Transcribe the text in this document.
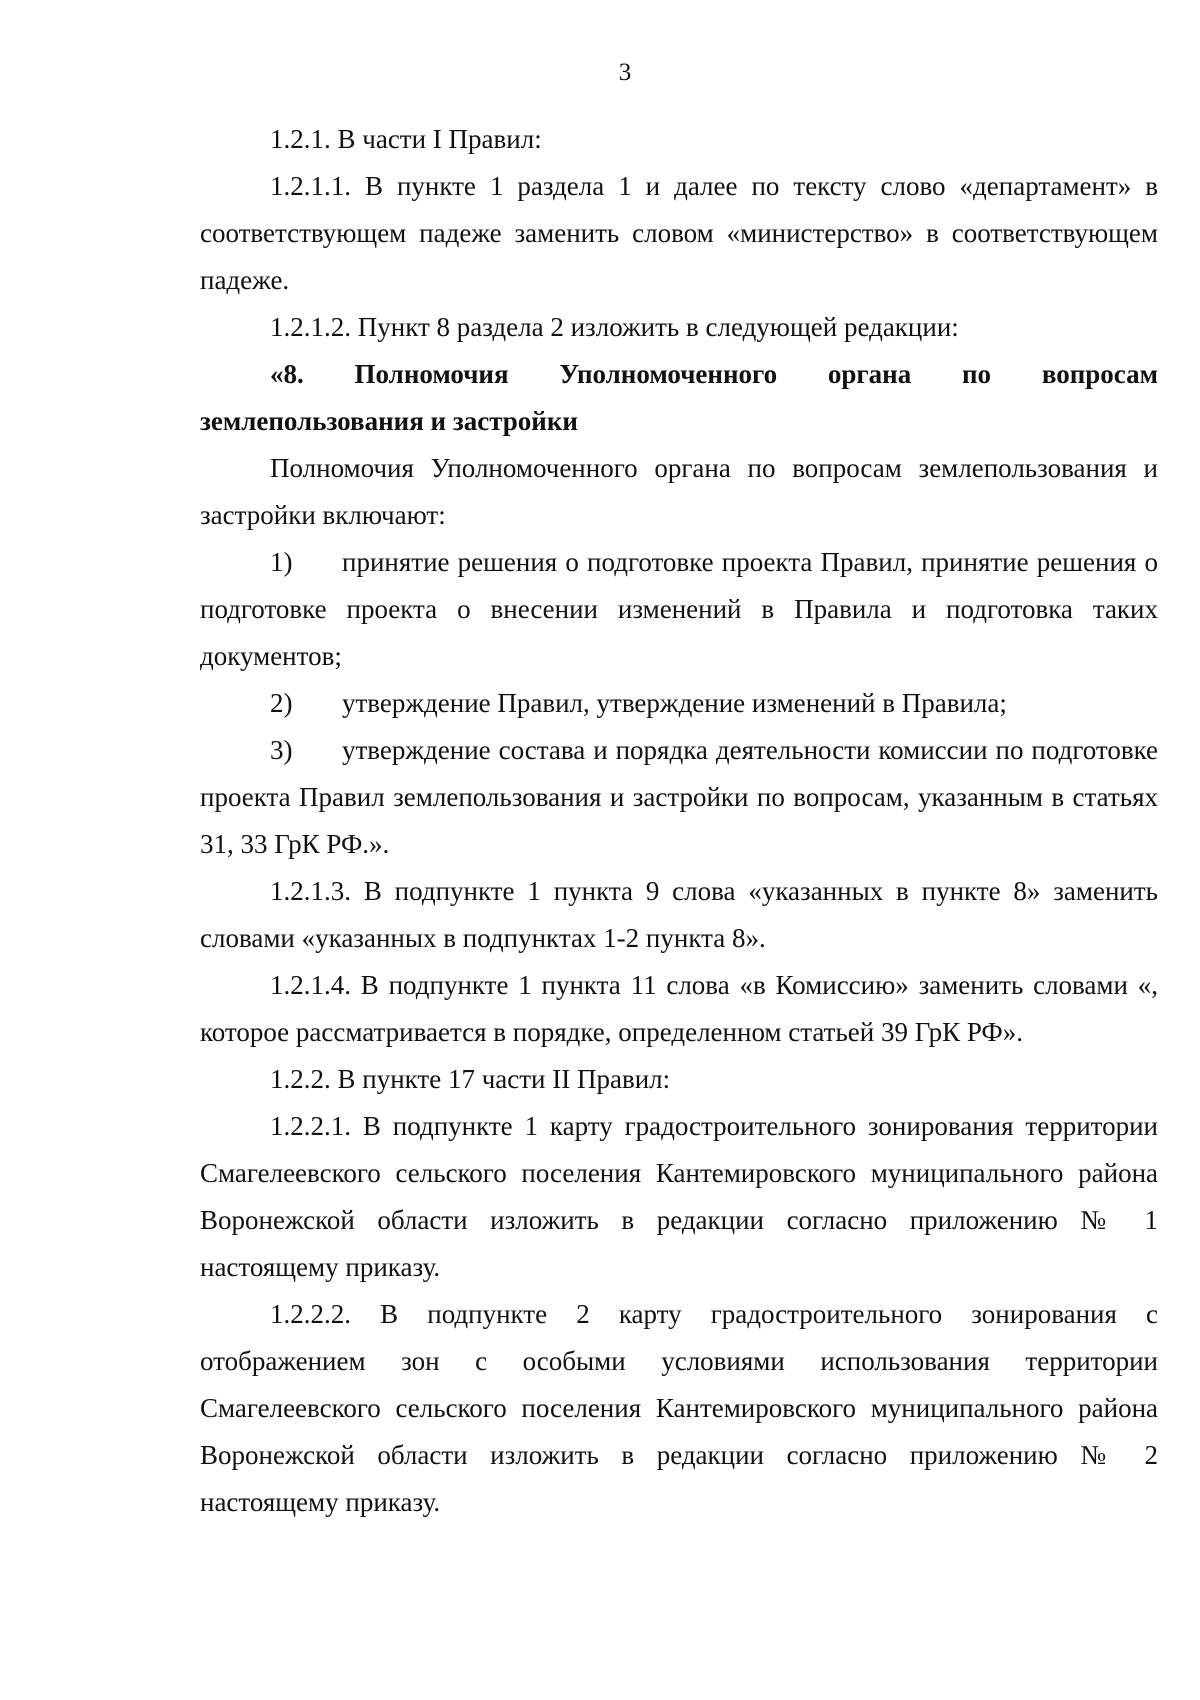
3

1.2.1. В части I Правил:

1.2.1.1. В пункте 1 раздела 1 и далее по тексту слово «департамент» в соответствующем падеже заменить словом «министерство» в соответствующем падеже.

1.2.1.2. Пункт 8 раздела 2 изложить в следующей редакции:

«8. Полномочия Уполномоченного органа по вопросам землепользования и застройки

Полномочия Уполномоченного органа по вопросам землепользования и застройки включают:

1) принятие решения о подготовке проекта Правил, принятие решения о подготовке проекта о внесении изменений в Правила и подготовка таких документов;

2) утверждение Правил, утверждение изменений в Правила;

3) утверждение состава и порядка деятельности комиссии по подготовке проекта Правил землепользования и застройки по вопросам, указанным в статьях 31, 33 ГрК РФ.».

1.2.1.3. В подпункте 1 пункта 9 слова «указанных в пункте 8» заменить словами «указанных в подпунктах 1-2 пункта 8».

1.2.1.4. В подпункте 1 пункта 11 слова «в Комиссию» заменить словами «, которое рассматривается в порядке, определенном статьей 39 ГрК РФ».

1.2.2. В пункте 17 части II Правил:

1.2.2.1. В подпункте 1 карту градостроительного зонирования территории Смагелеевского сельского поселения Кантемировского муниципального района Воронежской области изложить в редакции согласно приложению № 1 настоящему приказу.

1.2.2.2. В подпункте 2 карту градостроительного зонирования с отображением зон с особыми условиями использования территории Смагелеевского сельского поселения Кантемировского муниципального района Воронежской области изложить в редакции согласно приложению № 2 настоящему приказу.
